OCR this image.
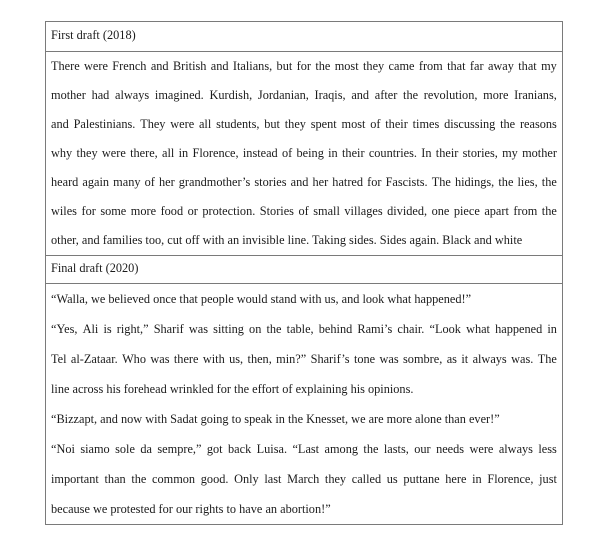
First draft (2018)
There were French and British and Italians, but for the most they came from that far away that my
mother had always imagined. Kurdish, Jordanian, Iraqis, and after the revolution, more Iranians,
and Palestinians. They were all students, but they spent most of their times discussing the reasons
why they were there, all in Florence, instead of being in their countries. In their stories, my mother
heard again many of her grandmother’s stories and her hatred for Fascists. The hidings, the lies, the
wiles for some more food or protection. Stories of small villages divided, one piece apart from the
other, and families too, cut off with an invisible line. Taking sides. Sides again. Black and white
Final draft (2020)
“Walla, we believed once that people would stand with us, and look what happened!”
“Yes, Ali is right,” Sharif was sitting on the table, behind Rami’s chair. “Look what happened in
Tel al-Zataar. Who was there with us, then, min?” Sharif’s tone was sombre, as it always was. The
line across his forehead wrinkled for the effort of explaining his opinions.
“Bizzapt, and now with Sadat going to speak in the Knesset, we are more alone than ever!”
“Noi siamo sole da sempre,” got back Luisa. “Last among the lasts, our needs were always less
important than the common good. Only last March they called us puttane here in Florence, just
because we protested for our rights to have an abortion!”
